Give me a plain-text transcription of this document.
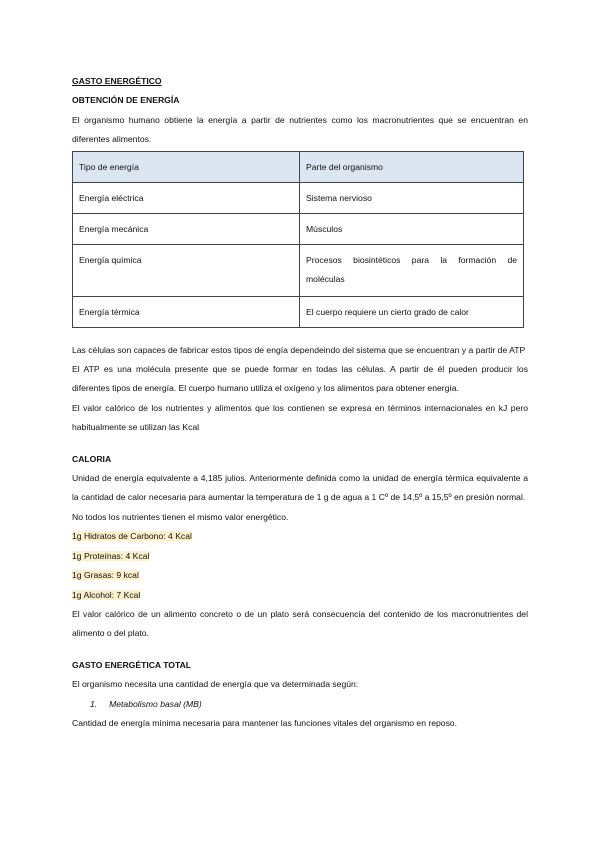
GASTO ENERGÉTICO

OBTENCIÓN DE ENERGÍA

El organismo humano obtiene la energía a partir de nutrientes como los macronutrientes que se encuentran en diferentes alimentos.

Tipo de energía	Parte del organismo
Energía eléctrica	Sistema nervioso
Energía mecánica	Músculos
Energía química	Procesos biosintéticos para la formación de
moléculas

Energía térmica	El cuerpo requiere un cierto grado de calor

Las células son capaces de fabricar estos tipos de engía dependeindo del sistema que se encuentran y a partir de ATP

El ATP es una molécula presente que se puede formar en todas las células. A partir de él pueden producir los diferentes tipos de energía. El cuerpo humano utiliza el oxígeno y los alimentos para obtener energía.

El valor calórico de los nutrientes y alimentos que los contienen se expresa en términos internacionales en kJ pero habitualmente se utilizan las Kcal

CALORIA

Unidad de energía equivalente a 4,185 julios. Anteriormente definida como la unidad de energía térmica equivalente a la cantidad de calor necesaria para aumentar la temperatura de 1 g de agua a 1 Cº de 14,5º a 15,5º en presión normal.

No todos los nutrientes tienen el mismo valor energético.

1g Hidratos de Carbono: 4 Kcal

1g Proteínas: 4 Kcal

1g Grasas: 9 kcal

1g Alcohol: 7 Kcal

El valor calórico de un alimento concreto o de un plato será consecuencia del contenido de los macronutrientes del alimento o del plato.

GASTO ENERGÉTICA TOTAL

El organismo necesita una cantidad de energía que va determinada según:

1.     Metabolismo basal (MB)

Cantidad de energía mínima necesaria para mantener las funciones vitales del organismo en reposo.
